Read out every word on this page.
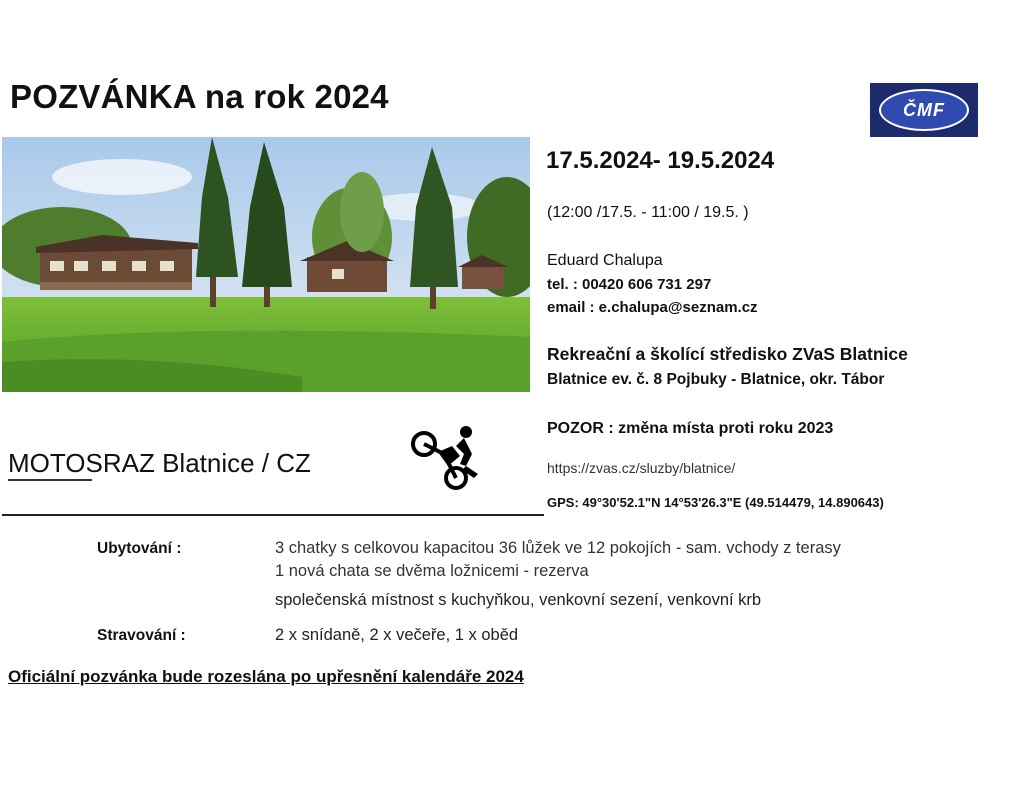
POZVÁNKA na rok 2024	ČMF
17.5.2024- 19.5.2024
(12:00 /17.5. - 11:00 / 19.5. )
Eduard Chalupa
tel. : 00420 606 731 297
email : e.chalupa@seznam.cz
Rekreační a školící středisko ZVaS Blatnice
Blatnice ev. č. 8 Pojbuky - Blatnice, okr. Tábor
POZOR : změna místa proti roku 2023
https://zvas.cz/sluzby/blatnice/
GPS: 49°30'52.1"N 14°53'26.3"E (49.514479, 14.890643)
MOTOSRAZ Blatnice / CZ
Ubytování :	3 chatky s celkovou kapacitou 36 lůžek ve 12 pokojích - sam. vchody z terasy
1 nová chata se dvěma ložnicemi - rezerva
společenská místnost s kuchyňkou, venkovní sezení, venkovní krb
Stravování :	2 x snídaně, 2 x večeře, 1 x oběd
Oficiální pozvánka bude rozeslána po upřesnění kalendáře 2024
